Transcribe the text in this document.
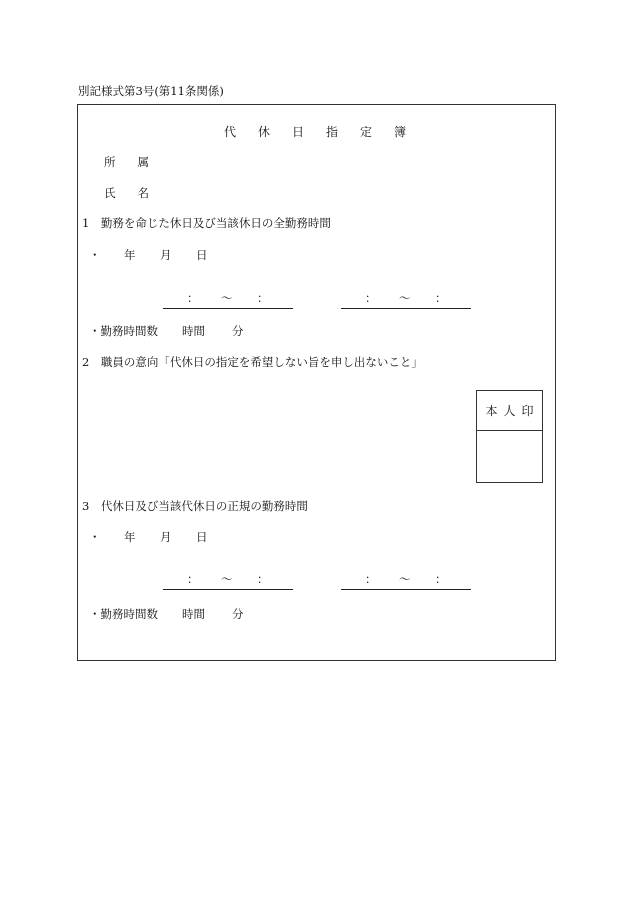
別記様式第3号(第11条関係)
代休日指定簿
所属
氏名
1　勤務を命じた休日及び当該休日の全勤務時間
・ 年 月 日
： 〜 ：	： 〜 ：
・勤務時間数 時間 分
2　職員の意向「代休日の指定を希望しない旨を申し出ないこと」
本人印
3　代休日及び当該代休日の正規の勤務時間
・ 年 月 日
： 〜 ：	： 〜 ：
・勤務時間数 時間 分
